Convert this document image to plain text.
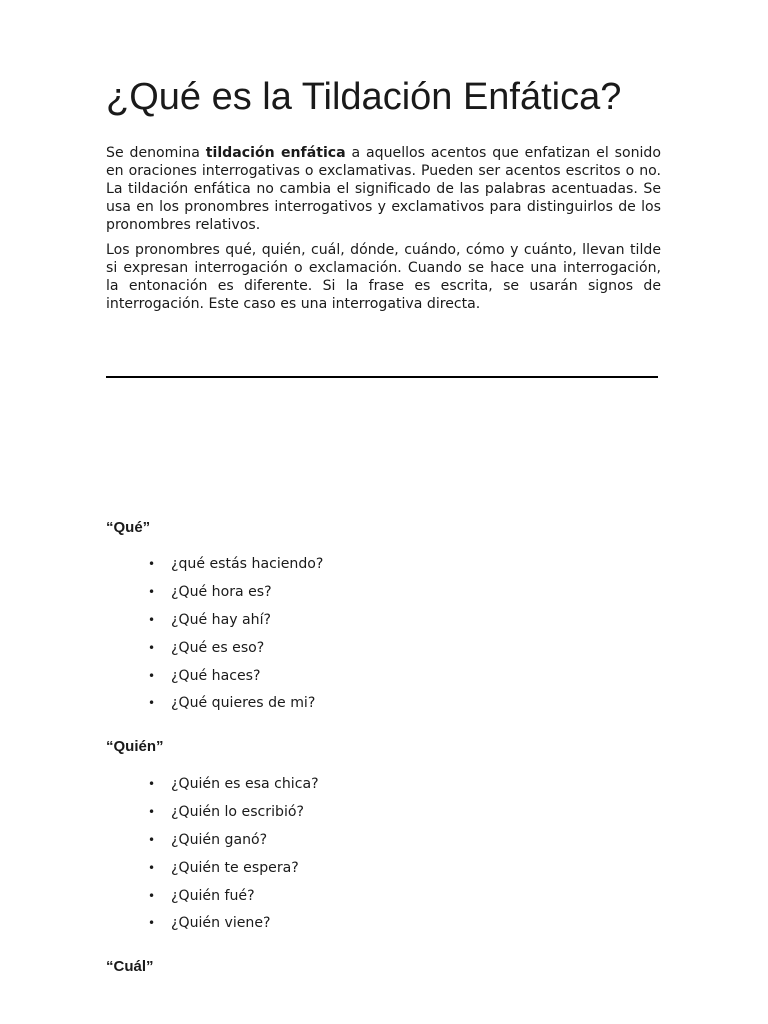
¿Qué es la Tildación Enfática?

Se denomina tildación enfática a aquellos acentos que enfatizan el sonido en oraciones interrogativas o exclamativas. Pueden ser acentos escritos o no. La tildación enfática no cambia el significado de las palabras acentuadas. Se usa en los pronombres interrogativos y exclamativos para distinguirlos de los pronombres relativos.

Los pronombres qué, quién, cuál, dónde, cuándo, cómo y cuánto, llevan tilde si expresan interrogación o exclamación. Cuando se hace una interrogación, la entonación es diferente. Si la frase es escrita, se usarán signos de interrogación. Este caso es una interrogativa directa.

“Qué”
• ¿qué estás haciendo?
• ¿Qué hora es?
• ¿Qué hay ahí?
• ¿Qué es eso?
• ¿Qué haces?
• ¿Qué quieres de mi?
“Quién”
• ¿Quién es esa chica?
• ¿Quién lo escribió?
• ¿Quién ganó?
• ¿Quién te espera?
• ¿Quién fué?
• ¿Quién viene?
“Cuál”
